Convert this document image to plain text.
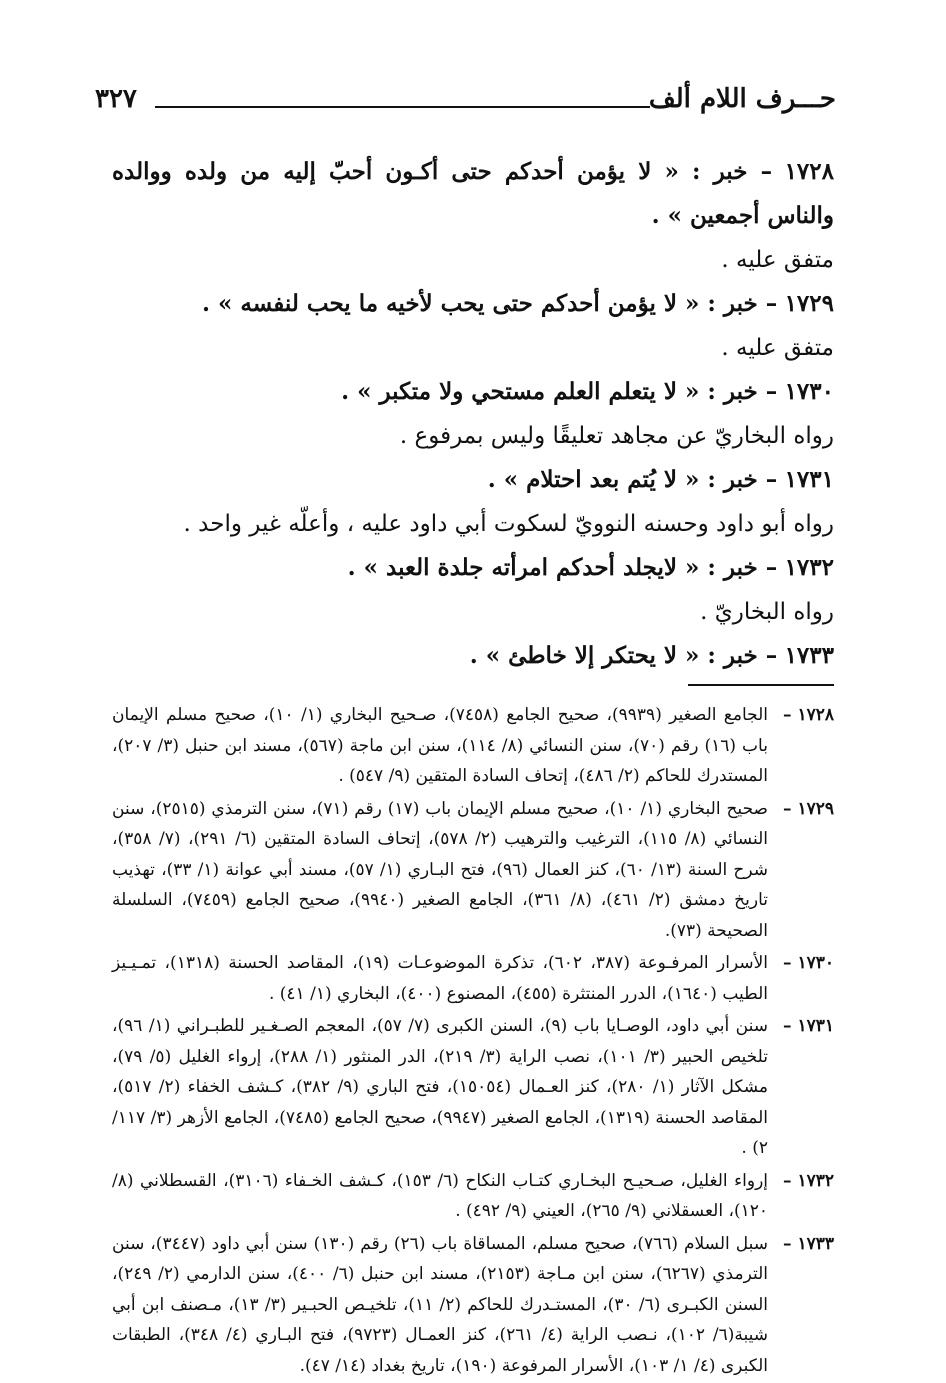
حـــرف اللام ألف
٣٢٧

١٧٢٨ – خبر : « لا يؤمن أحدكم حتى أكـون أحبّ إليه من ولده ووالده والناس أجمعين » .

متفق عليه .

١٧٢٩ – خبر : « لا يؤمن أحدكم حتى يحب لأخيه ما يحب لنفسه » .

متفق عليه .

١٧٣٠ – خبر : « لا يتعلم العلم مستحي ولا متكبر » .

رواه البخاريّ عن مجاهد تعليقًا وليس بمرفوع .

١٧٣١ – خبر : « لا يُتم بعد احتلام » .

رواه أبو داود وحسنه النوويّ لسكوت أبي داود عليه ، وأعلّه غير واحد .

١٧٣٢ – خبر : « لايجلد أحدكم امرأته جلدة العبد » .

رواه البخاريّ .

١٧٣٣ – خبر : « لا يحتكر إلا خاطئ » .

١٧٢٨ –
الجامع الصغير (٩٩٣٩)، صحيح الجامع (٧٤٥٨)، صـحيح البخاري (١/ ١٠)، صحيح مسلم الإيمان باب (١٦) رقم (٧٠)، سنن النسائي (٨/ ١١٤)، سنن ابن ماجة (٥٦٧)، مسند ابن حنبل (٣/ ٢٠٧)، المستدرك للحاكم (٢/ ٤٨٦)، إتحاف السادة المتقين (٩/ ٥٤٧) .

١٧٢٩ –
صحيح البخاري (١/ ١٠)، صحيح مسلم الإيمان باب (١٧) رقم (٧١)، سنن الترمذي (٢٥١٥)، سنن النسائي (٨/ ١١٥)، الترغيب والترهيب (٢/ ٥٧٨)، إتحاف السادة المتقين (٦/ ٢٩١)، (٧/ ٣٥٨)، شرح السنة (١٣/ ٦٠)، كنز العمال (٩٦)، فتح البـاري (١/ ٥٧)، مسند أبي عوانة (١/ ٣٣)، تهذيب تاريخ دمشق (٢/ ٤٦١)، (٨/ ٣٦١)، الجامع الصغير (٩٩٤٠)، صحيح الجامع (٧٤٥٩)، السلسلة الصحيحة (٧٣).

١٧٣٠ –
الأسرار المرفـوعة (٣٨٧، ٦٠٢)، تذكرة الموضوعـات (١٩)، المقاصد الحسنة (١٣١٨)، تمـيـيز الطيب (١٦٤٠)، الدرر المنتثرة (٤٥٥)، المصنوع (٤٠٠)، البخاري (١/ ٤١) .

١٧٣١ –
سنن أبي داود، الوصـايا باب (٩)، السنن الكبرى (٧/ ٥٧)، المعجم الصـغـير للطبـراني (١/ ٩٦)، تلخيص الحبير (٣/ ١٠١)، نصب الراية (٣/ ٢١٩)، الدر المنثور (١/ ٢٨٨)، إرواء الغليل (٥/ ٧٩)، مشكل الآثار (١/ ٢٨٠)، كنز العـمال (١٥٠٥٤)، فتح الباري (٩/ ٣٨٢)، كـشف الخفاء (٢/ ٥١٧)، المقاصد الحسنة (١٣١٩)، الجامع الصغير (٩٩٤٧)، صحيح الجامع (٧٤٨٥)، الجامع الأزهر (٣/ ١١٧/ ٢) .

١٧٣٢ –
إرواء الغليل، صـحيـح البخـاري كتـاب النكاح (٦/ ١٥٣)، كـشف الخـفاء (٣١٠٦)، القسطلاني (٨/ ١٢٠)، العسقلاني (٩/ ٢٦٥)، العيني (٩/ ٤٩٢) .

١٧٣٣ –
سبل السلام (٧٦٦)، صحيح مسلم، المساقاة باب (٢٦) رقم (١٣٠) سنن أبي داود (٣٤٤٧)، سنن الترمذي (٦٢٦٧)، سنن ابن مـاجة (٢١٥٣)، مسند ابن حنبل (٦/ ٤٠٠)، سنن الدارمي (٢/ ٢٤٩)، السنن الكبـرى (٦/ ٣٠)، المستـدرك للحاكم (٢/ ١١)، تلخيـص الحبـير (٣/ ١٣)، مـصنف ابن أبي شيبة(٦/ ١٠٢)، نـصب الراية (٤/ ٢٦١)، كنز العمـال (٩٧٢٣)، فتح البـاري (٤/ ٣٤٨)، الطبقات الكبرى (٤/ ١/ ١٠٣)، الأسرار المرفوعة (١٩٠)، تاريخ بغداد (١٤/ ٤٧).
